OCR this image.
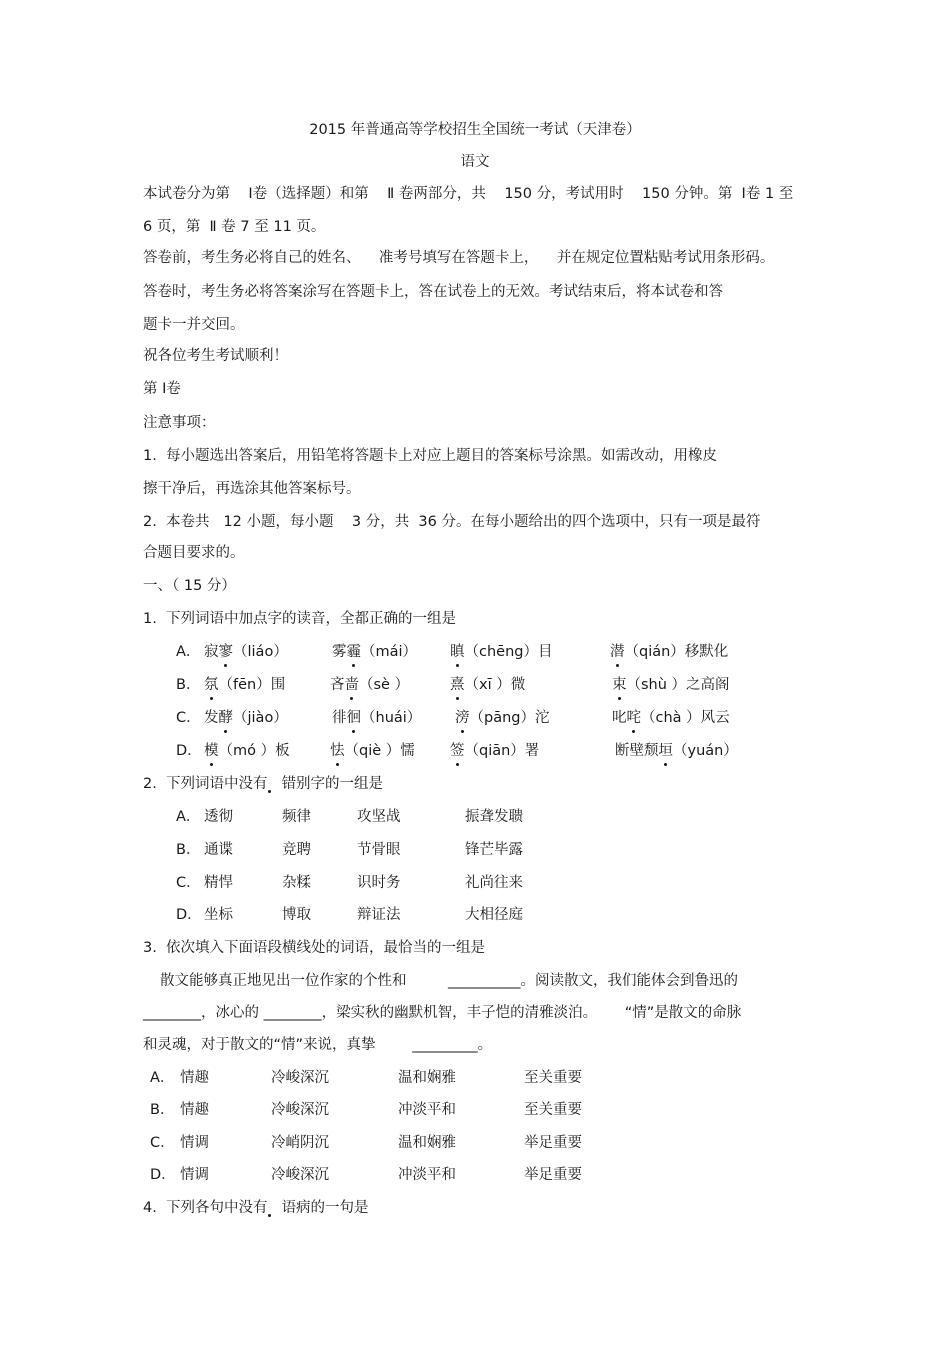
2015 年普通高等学校招生全国统一考试（天津卷）
语文
本试卷分为第    Ⅰ卷（选择题）和第    Ⅱ 卷两部分，共    150 分，考试用时    150 分钟。第  Ⅰ卷 1 至
6 页，第  Ⅱ 卷 7 至 11 页。
答卷前，考生务必将自己的姓名、    准考号填写在答题卡上，    并在规定位置粘贴考试用条形码。
答卷时，考生务必将答案涂写在答题卡上，答在试卷上的无效。考试结束后，将本试卷和答
题卡一并交回。
祝各位考生考试顺利！
第 Ⅰ卷
注意事项：
1.  每小题选出答案后，用铅笔将答题卡上对应上题目的答案标号涂黑。如需改动，用橡皮
擦干净后，再选涂其他答案标号。
2.  本卷共   12 小题，每小题    3 分，共  36 分。在每小题给出的四个选项中，只有一项是最符
合题目要求的。
一、（ 15 分）
1.  下列词语中加点字的读音，全都正确的一组是
A． 寂寥（liáo）	雾霾（mái） 瞋（chēng）目	潜（qián）移默化
B． 氛（fēn）围	吝啬（sè ）	熹（xī ）微	束（shù ）之高阁
C． 发酵（jiào）	徘徊（huái） 滂（pāng）沱	叱咤（chà ）风云
D． 模（mó ）板	怯（qiè ）懦 签（qiān）署	断壁颓垣（yuán）
2.  下列词语中没有 错别字的一组是
A． 透彻	频律	攻坚战	振聋发聩
B． 通谍	竞聘	节骨眼	锋芒毕露
C． 精悍	杂糅	识时务	礼尚往来
D． 坐标	博取	辩证法	大相径庭
3.  依次填入下面语段横线处的词语，最恰当的一组是
散文能够真正地见出一位作家的个性和         __________。阅读散文，我们能体会到鲁迅的
________，冰心的 ________，梁实秋的幽默机智，丰子恺的清雅淡泊。      “情”是散文的命脉
和灵魂，对于散文的“情”来说，真挚        _________。
A． 情趣	冷峻深沉	温和娴雅	至关重要
B． 情趣	冷峻深沉	冲淡平和	至关重要
C． 情调	冷峭阴沉	温和娴雅	举足重要
D． 情调	冷峻深沉	冲淡平和	举足重要
4.  下列各句中没有 语病的一句是
